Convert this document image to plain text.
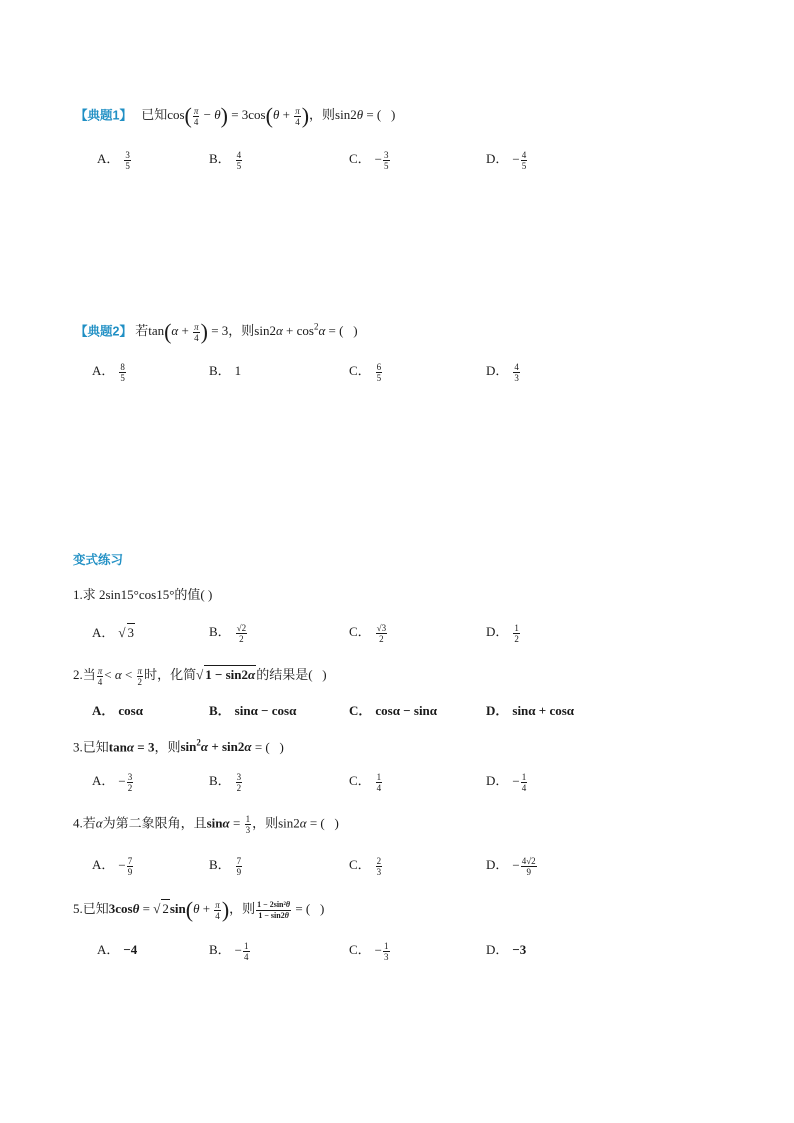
【典题1】 已知$\cos( \frac{\pi}{4} - \theta) = 3\cos(\theta + \frac{\pi}{4}$ )，则sin2θ = (   )
A． $\frac{3}{5}$	B． $\frac{4}{5}$	C． − $\frac{3}{5}$	D． − $\frac{4}{5}$
【典题2】 若$\tan(\alpha + \frac{\pi}{4}$ ) = 3，则$\sin 2\alpha + \cos^2\alpha$ = (   )
A． $\frac{8}{5}$	B． 1	C． $\frac{6}{5}$	D． $\frac{4}{3}$
变式练习
1.求 2sin15°cos15°的值( )
A． √ 3	B． $\frac{√2}{2}$	C． $\frac{√3}{2}$	D． $\frac{1}{2}$
2.当 $\frac{\pi}{4} < \alpha < \frac{\pi}{2}$ 时，化简√ 1 − sin2α的结果是(   )
A． cosα	B． sinα − cosα	C． cosα − sinα	D． sinα + cosα
3.已知tanα = 3，则$\sin^2\alpha + \sin 2\alpha$ = (   )
A． − $\frac{3}{2}$	B． $\frac{3}{2}$	C． $\frac{1}{4}$	D． − $\frac{1}{4}$
4.若α为第二象限角，且$\sin\alpha = \frac{1}{3}$ ，则sin2α = (   )
A． − $\frac{7}{9}$	B． $\frac{7}{9}$	C． $\frac{2}{3}$	D． − $\frac{4√2}{9}$
5.已知3cosθ = √ $2\sin(\theta + \frac{\pi}{4}$ )，则 $\frac{\text{1 − 2sin²θ}}{1 - \sin 2\theta}$ = (   )
A． −4	B． − $\frac{1}{4}$	C． − $\frac{1}{3}$	D． −3
